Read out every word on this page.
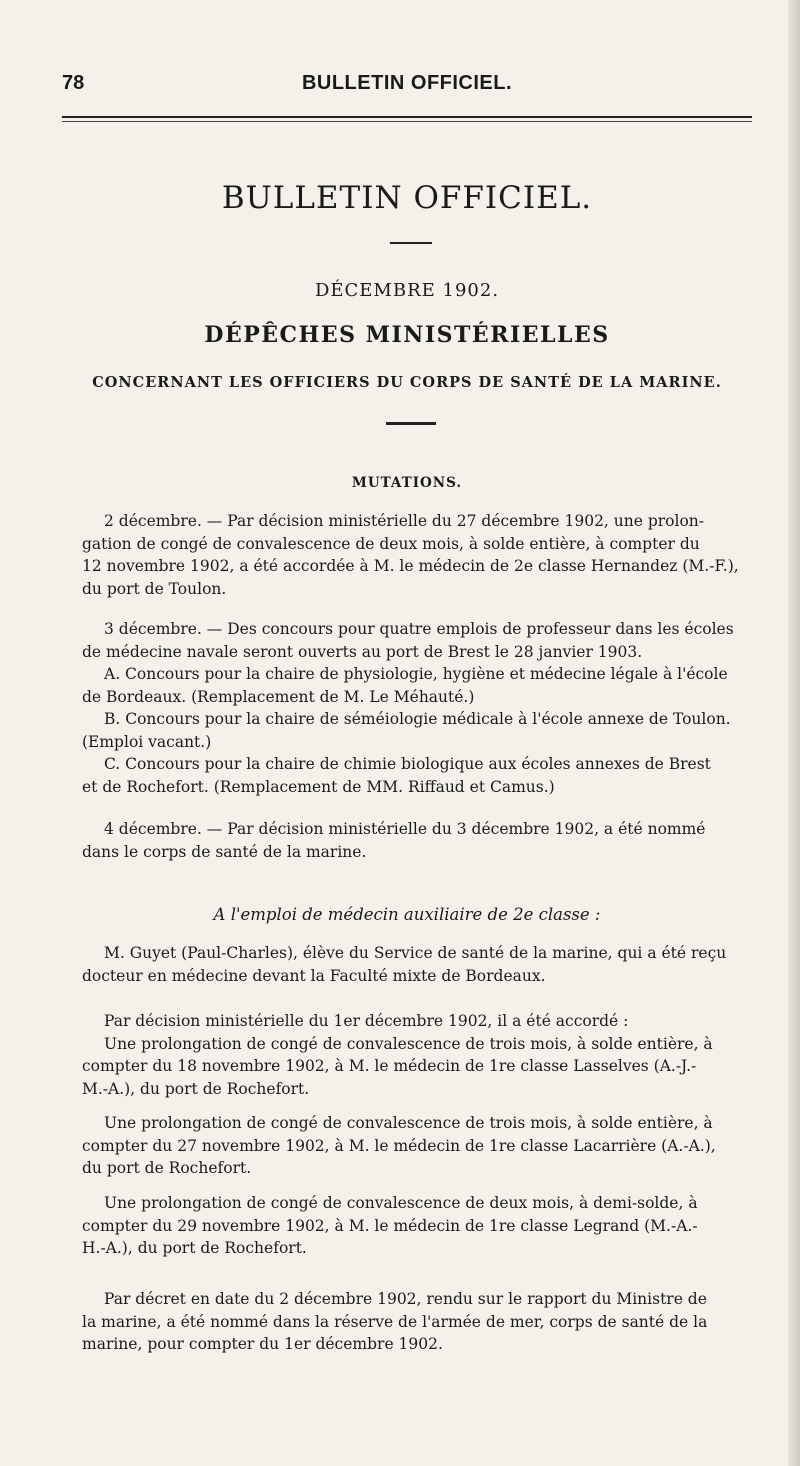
78	BULLETIN OFFICIEL.
BULLETIN OFFICIEL.
DÉCEMBRE 1902.
DÉPÊCHES MINISTÉRIELLES
CONCERNANT LES OFFICIERS DU CORPS DE SANTÉ DE LA MARINE.
MUTATIONS.
2 décembre. — Par décision ministérielle du 27 décembre 1902, une prolon-
gation de congé de convalescence de deux mois, à solde entière, à compter du
12 novembre 1902, a été accordée à M. le médecin de 2e classe Hernandez (M.-F.),
du port de Toulon.
3 décembre. — Des concours pour quatre emplois de professeur dans les écoles
de médecine navale seront ouverts au port de Brest le 28 janvier 1903.
A. Concours pour la chaire de physiologie, hygiène et médecine légale à l'école
de Bordeaux. (Remplacement de M. Le Méhauté.)
B. Concours pour la chaire de séméiologie médicale à l'école annexe de Toulon.
(Emploi vacant.)
C. Concours pour la chaire de chimie biologique aux écoles annexes de Brest
et de Rochefort. (Remplacement de MM. Riffaud et Camus.)
4 décembre. — Par décision ministérielle du 3 décembre 1902, a été nommé
dans le corps de santé de la marine.
A l'emploi de médecin auxiliaire de 2e classe :
M. Guyet (Paul-Charles), élève du Service de santé de la marine, qui a été reçu
docteur en médecine devant la Faculté mixte de Bordeaux.
Par décision ministérielle du 1er décembre 1902, il a été accordé :
Une prolongation de congé de convalescence de trois mois, à solde entière, à
compter du 18 novembre 1902, à M. le médecin de 1re classe Lasselves (A.-J.-
M.-A.), du port de Rochefort.
Une prolongation de congé de convalescence de trois mois, à solde entière, à
compter du 27 novembre 1902, à M. le médecin de 1re classe Lacarrière (A.-A.),
du port de Rochefort.
Une prolongation de congé de convalescence de deux mois, à demi-solde, à
compter du 29 novembre 1902, à M. le médecin de 1re classe Legrand (M.-A.-
H.-A.), du port de Rochefort.
Par décret en date du 2 décembre 1902, rendu sur le rapport du Ministre de
la marine, a été nommé dans la réserve de l'armée de mer, corps de santé de la
marine, pour compter du 1er décembre 1902.
